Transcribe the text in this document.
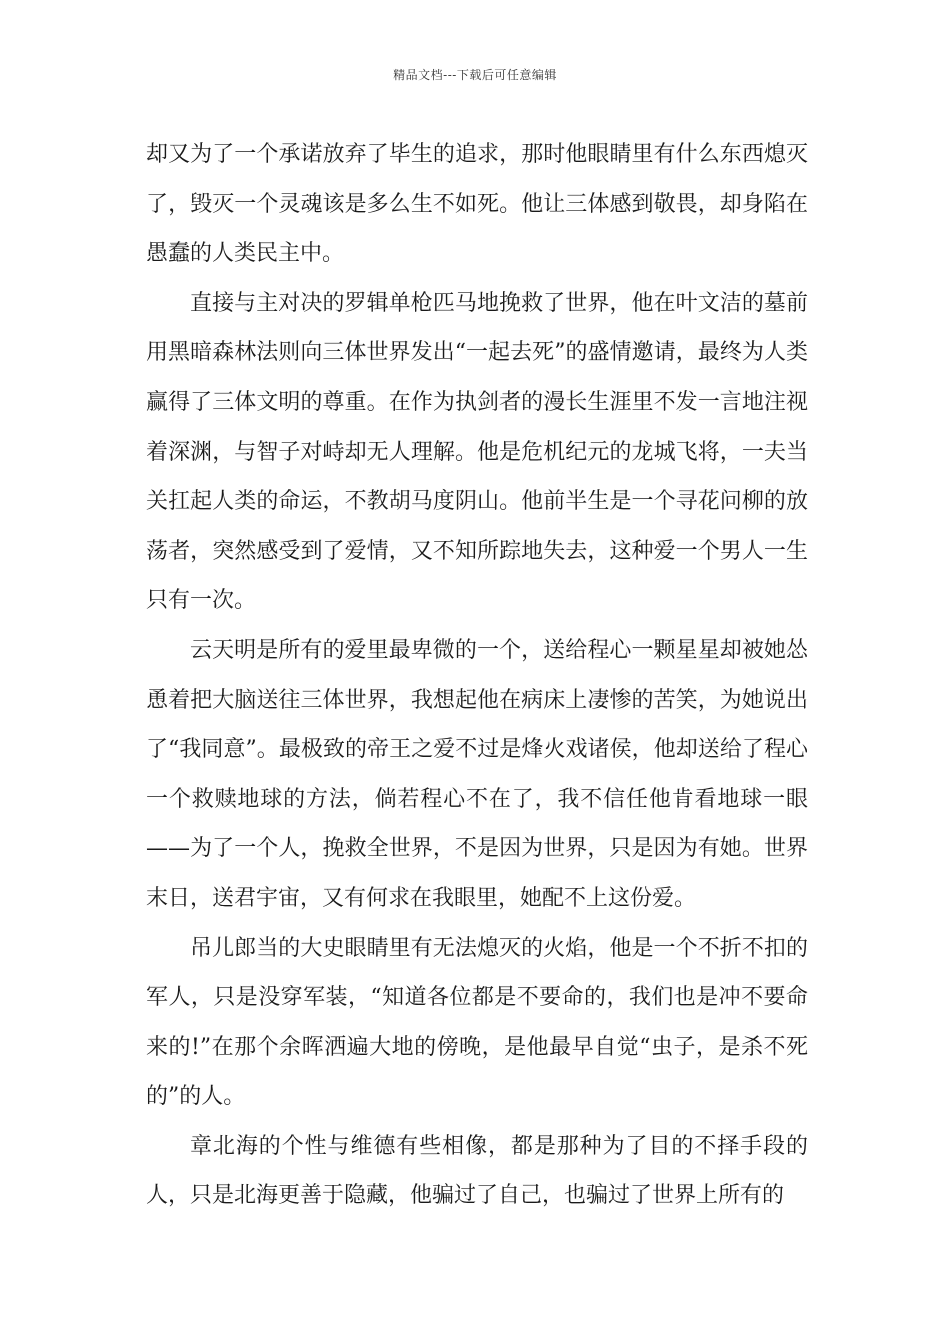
精品文档---下载后可任意编辑

却又为了一个承诺放弃了毕生的追求，那时他眼睛里有什么东西熄灭了，毁灭一个灵魂该是多么生不如死。他让三体感到敬畏，却身陷在愚蠢的人类民主中。

直接与主对决的罗辑单枪匹马地挽救了世界，他在叶文洁的墓前用黑暗森林法则向三体世界发出“一起去死”的盛情邀请，最终为人类赢得了三体文明的尊重。在作为执剑者的漫长生涯里不发一言地注视着深渊，与智子对峙却无人理解。他是危机纪元的龙城飞将，一夫当关扛起人类的命运，不教胡马度阴山。他前半生是一个寻花问柳的放荡者，突然感受到了爱情，又不知所踪地失去，这种爱一个男人一生只有一次。

云天明是所有的爱里最卑微的一个，送给程心一颗星星却被她怂恿着把大脑送往三体世界，我想起他在病床上凄惨的苦笑，为她说出了“我同意”。最极致的帝王之爱不过是烽火戏诸侯，他却送给了程心一个救赎地球的方法，倘若程心不在了，我不信任他肯看地球一眼——为了一个人，挽救全世界，不是因为世界，只是因为有她。世界末日，送君宇宙，又有何求在我眼里，她配不上这份爱。

吊儿郎当的大史眼睛里有无法熄灭的火焰，他是一个不折不扣的军人，只是没穿军装，“知道各位都是不要命的，我们也是冲不要命来的!”在那个余晖洒遍大地的傍晚，是他最早自觉“虫子，是杀不死的”的人。

章北海的个性与维德有些相像，都是那种为了目的不择手段的人，只是北海更善于隐藏，他骗过了自己，也骗过了世界上所有的
